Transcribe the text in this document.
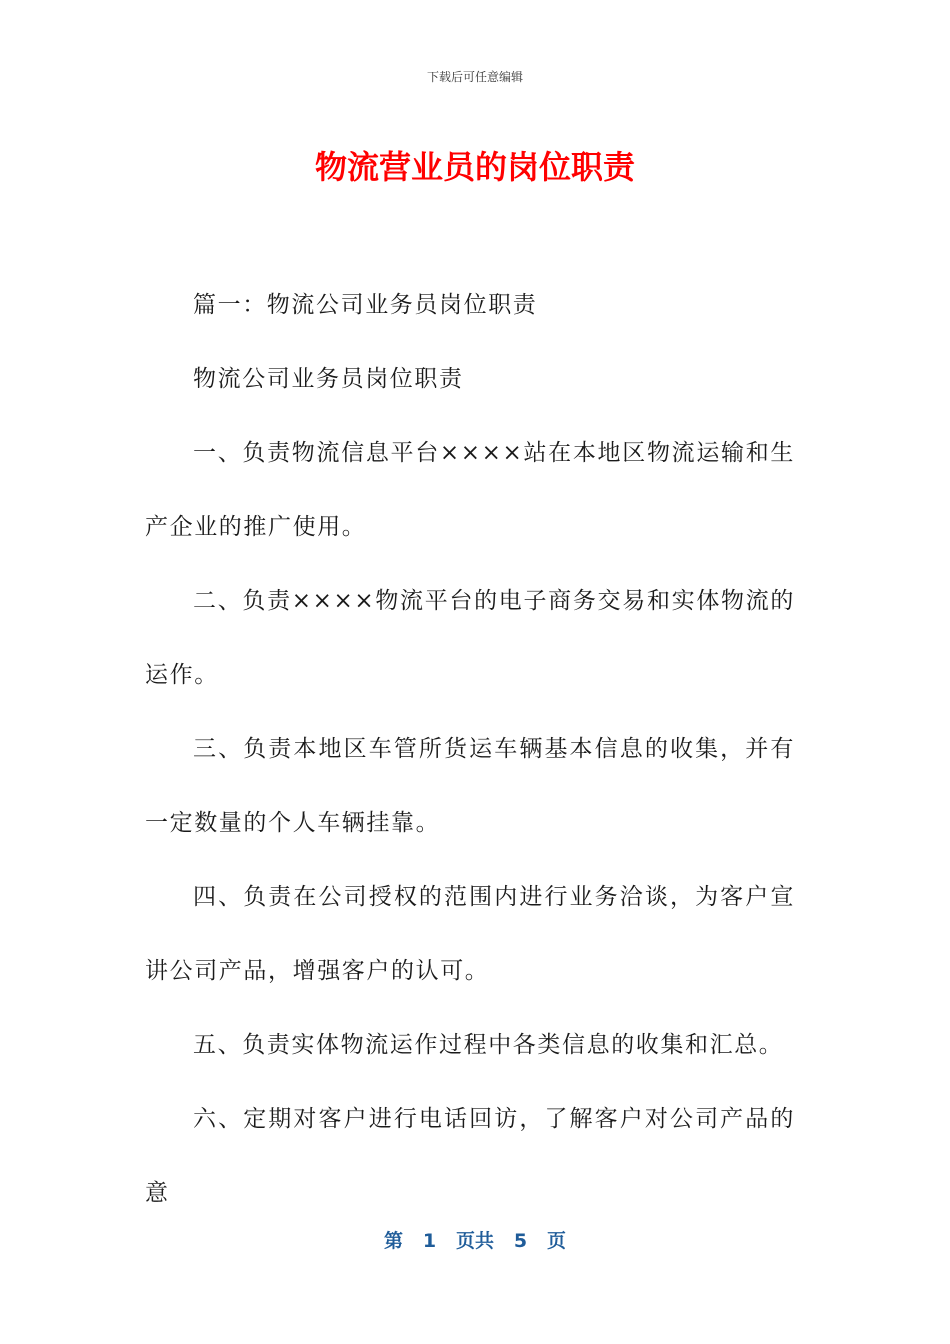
下载后可任意编辑
物流营业员的岗位职责

篇一：物流公司业务员岗位职责

物流公司业务员岗位职责

一、负责物流信息平台××××站在本地区物流运输和生产企业的推广使用。

二、负责××××物流平台的电子商务交易和实体物流的运作。

三、负责本地区车管所货运车辆基本信息的收集，并有一定数量的个人车辆挂靠。

四、负责在公司授权的范围内进行业务洽谈，为客户宣讲公司产品，增强客户的认可。

五、负责实体物流运作过程中各类信息的收集和汇总。

六、定期对客户进行电话回访，了解客户对公司产品的意

第 1 页共 5 页
